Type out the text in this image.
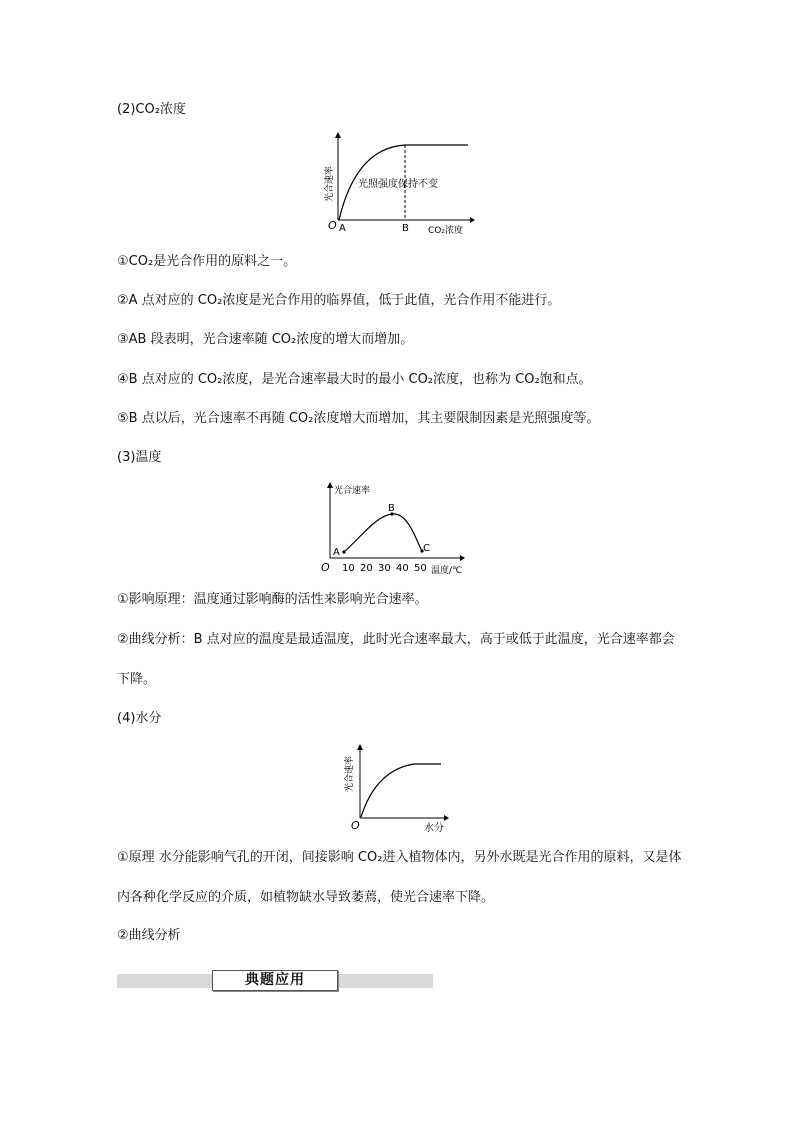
(2)CO₂浓度
O A	B CO₂浓度
光照强度保持不变
光合速率
①CO₂是光合作用的原料之一。
②A 点对应的 CO₂浓度是光合作用的临界值，低于此值，光合作用不能进行。
③AB 段表明，光合速率随 CO₂浓度的增大而增加。
④B 点对应的 CO₂浓度，是光合速率最大时的最小 CO₂浓度，也称为 CO₂饱和点。
⑤B 点以后，光合速率不再随 CO₂浓度增大而增加，其主要限制因素是光照强度等。
(3)温度
A
B
C
O 10 20 30 40 50 温度/℃
光合速率
①影响原理：温度通过影响酶的活性来影响光合速率。
②曲线分析：B 点对应的温度是最适温度，此时光合速率最大，高于或低于此温度，光合速率都会下降。
(4)水分
O	水分
光合速率
①原理 水分能影响气孔的开闭，间接影响 CO₂进入植物体内，另外水既是光合作用的原料，又是体内各种化学反应的介质，如植物缺水导致萎蔫，使光合速率下降。
②曲线分析
典题应用
